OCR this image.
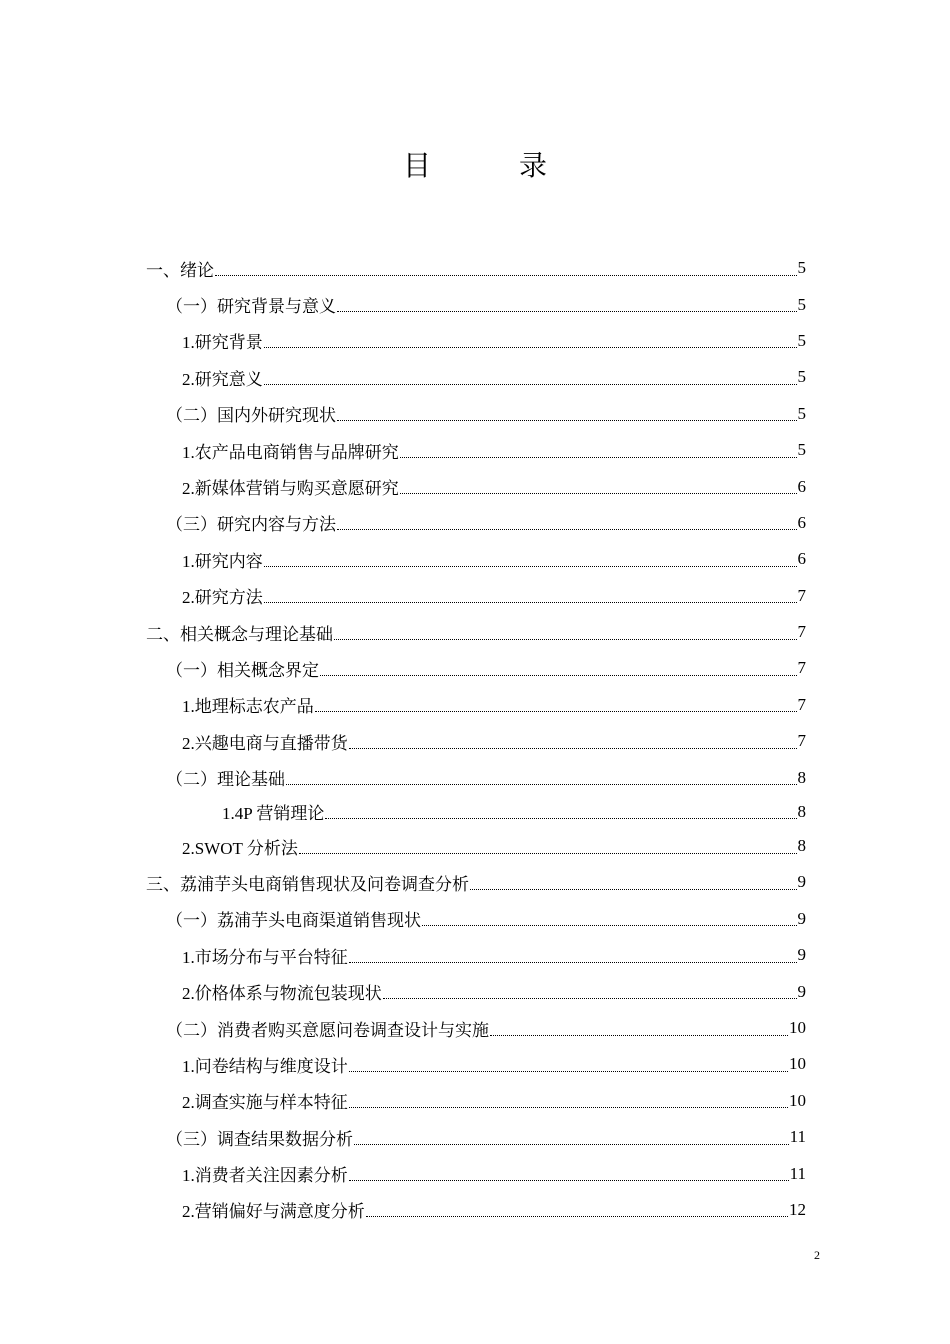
目　录
一、绪论	5
（一）研究背景与意义	5
1.研究背景	5
2.研究意义	5
（二）国内外研究现状	5
1.农产品电商销售与品牌研究	5
2.新媒体营销与购买意愿研究	6
（三）研究内容与方法	6
1.研究内容	6
2.研究方法	7
二、相关概念与理论基础	7
（一）相关概念界定	7
1.地理标志农产品	7
2.兴趣电商与直播带货	7
（二）理论基础	8
1.4P 营销理论	8
2.SWOT 分析法	8
三、荔浦芋头电商销售现状及问卷调查分析	9
（一）荔浦芋头电商渠道销售现状	9
1.市场分布与平台特征	9
2.价格体系与物流包装现状	9
（二）消费者购买意愿问卷调查设计与实施	10
1.问卷结构与维度设计	10
2.调查实施与样本特征	10
（三）调查结果数据分析	11
1.消费者关注因素分析	11
2.营销偏好与满意度分析	12
2
